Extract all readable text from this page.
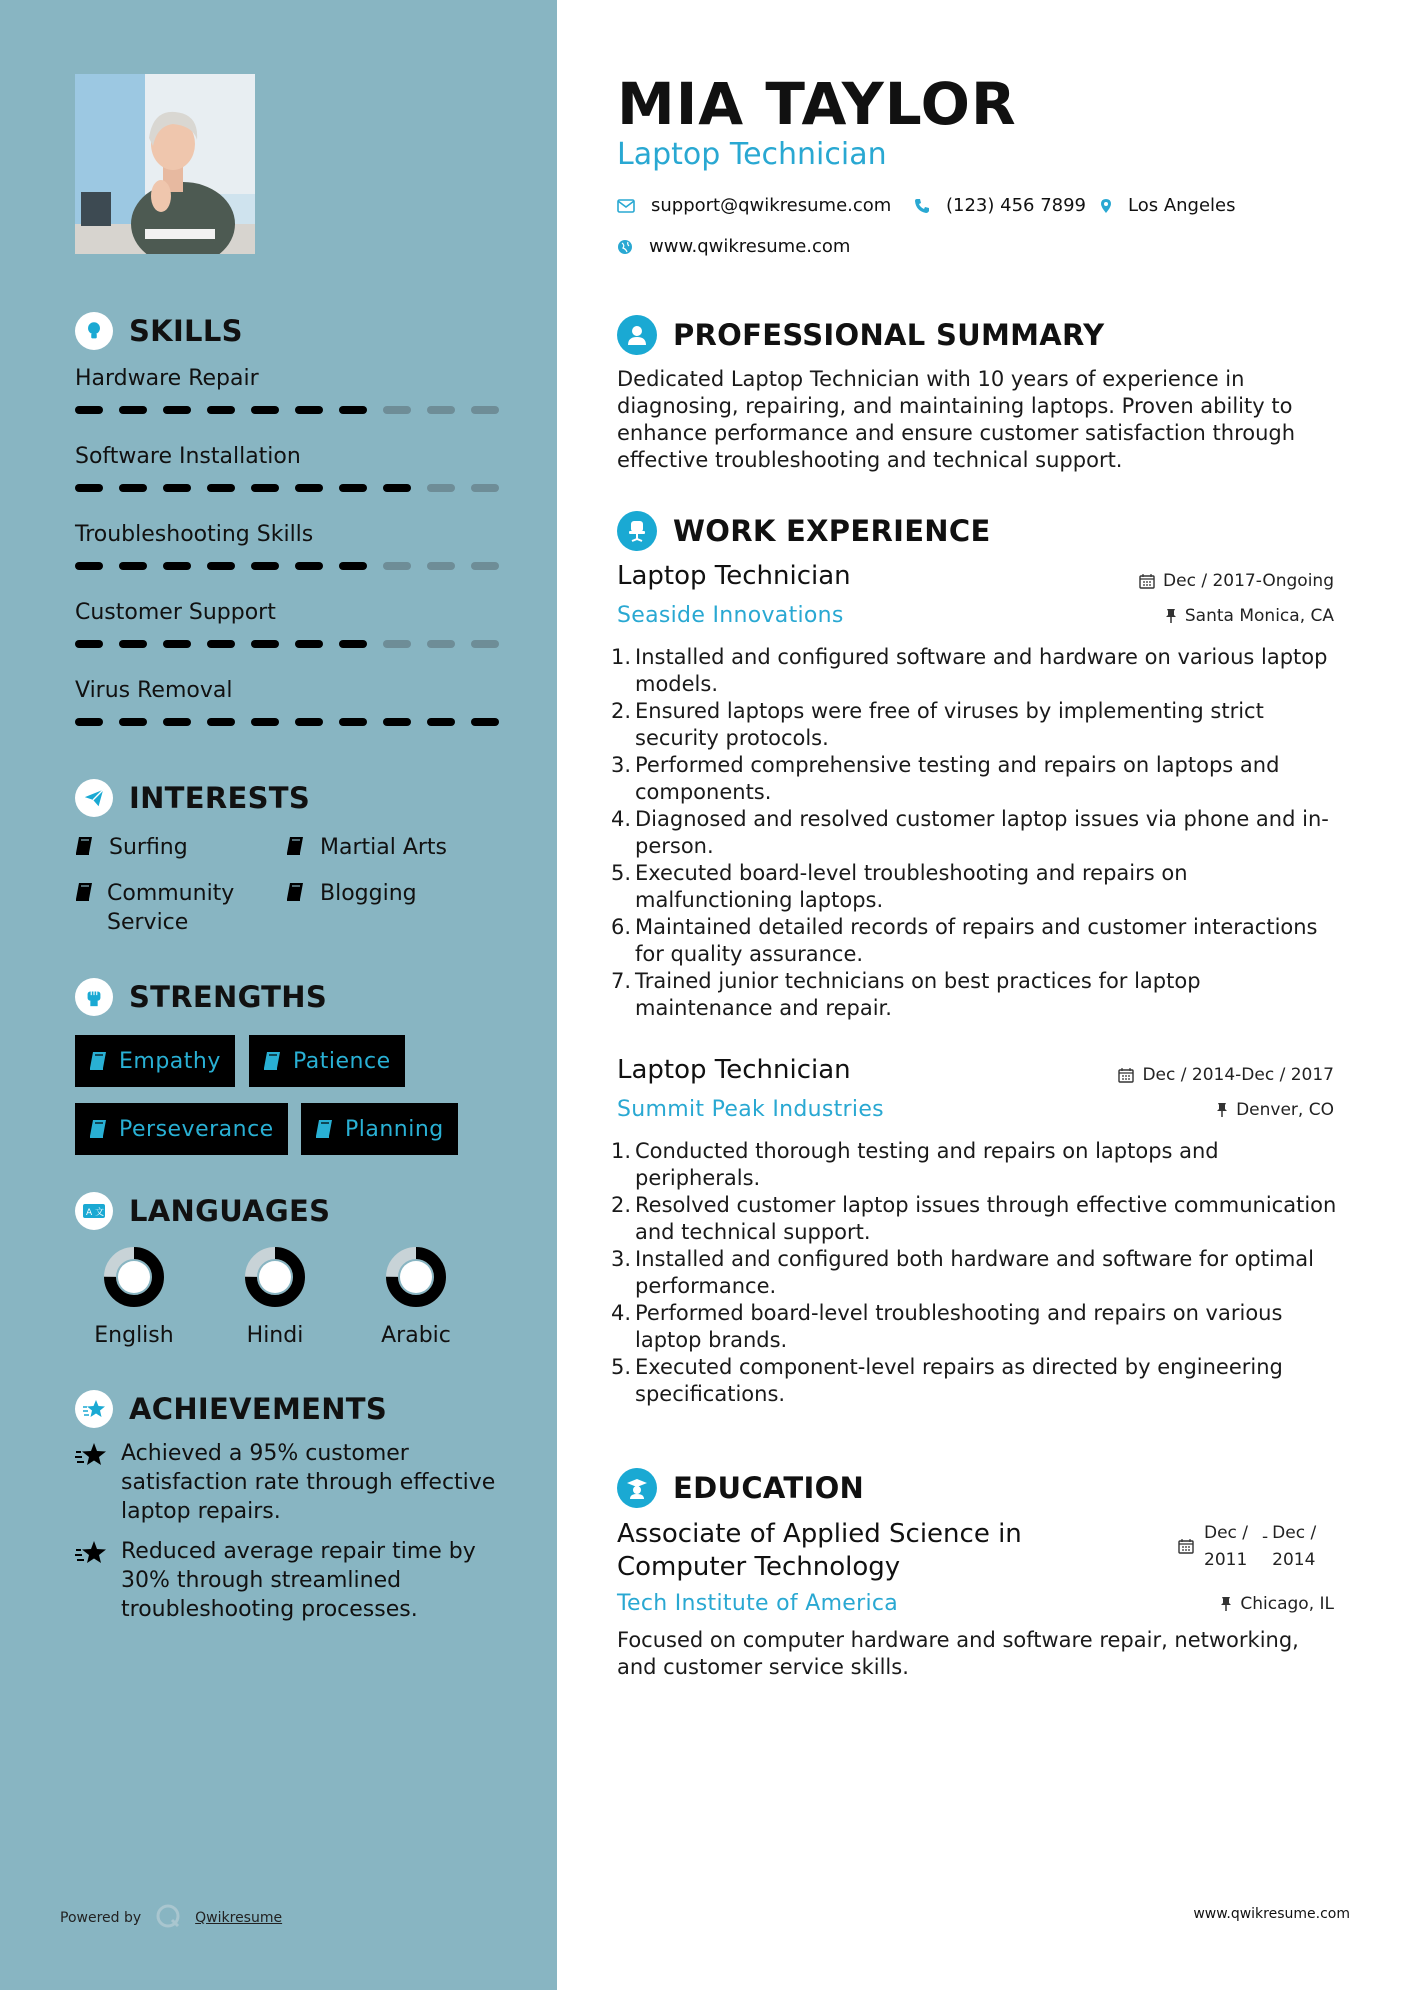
SKILLS
Hardware Repair
Software Installation
Troubleshooting Skills
Customer Support
Virus Removal
INTERESTS
Surfing	Martial Arts
Community Service
Blogging
STRENGTHS
Empathy	Patience
Perseverance	Planning
A 文 LANGUAGES
English	Hindi	Arabic
ACHIEVEMENTS
Achieved a 95% customer satisfaction rate through effective laptop repairs.
Reduced average repair time by 30% through streamlined troubleshooting processes.
Powered by	Qwikresume
MIA TAYLOR
Laptop Technician
support@qwikresume.com	(123) 456 7899 Los Angeles
www.qwikresume.com
PROFESSIONAL SUMMARY
Dedicated Laptop Technician with 10 years of experience in diagnosing, repairing, and maintaining laptops. Proven ability to enhance performance and ensure customer satisfaction through effective troubleshooting and technical support.
WORK EXPERIENCE
Laptop Technician	Dec / 2017-Ongoing
Seaside Innovations	Santa Monica, CA
1. Installed and configured software and hardware on various laptop models.
2. Ensured laptops were free of viruses by implementing strict security protocols.
3. Performed comprehensive testing and repairs on laptops and components.
4. Diagnosed and resolved customer laptop issues via phone and in-person.
5. Executed board-level troubleshooting and repairs on malfunctioning laptops.
6. Maintained detailed records of repairs and customer interactions for quality assurance.
7. Trained junior technicians on best practices for laptop maintenance and repair.
Laptop Technician	Dec / 2014-Dec / 2017
Summit Peak Industries	Denver, CO
1. Conducted thorough testing and repairs on laptops and peripherals.
2. Resolved customer laptop issues through effective communication and technical support.
3. Installed and configured both hardware and software for optimal performance.
4. Performed board-level troubleshooting and repairs on various laptop brands.
5. Executed component-level repairs as directed by engineering specifications.
EDUCATION
Associate of Applied Science in Computer Technology
Dec /
2011
- Dec /
2014
Tech Institute of America	Chicago, IL
Focused on computer hardware and software repair, networking, and customer service skills.
www.qwikresume.com
